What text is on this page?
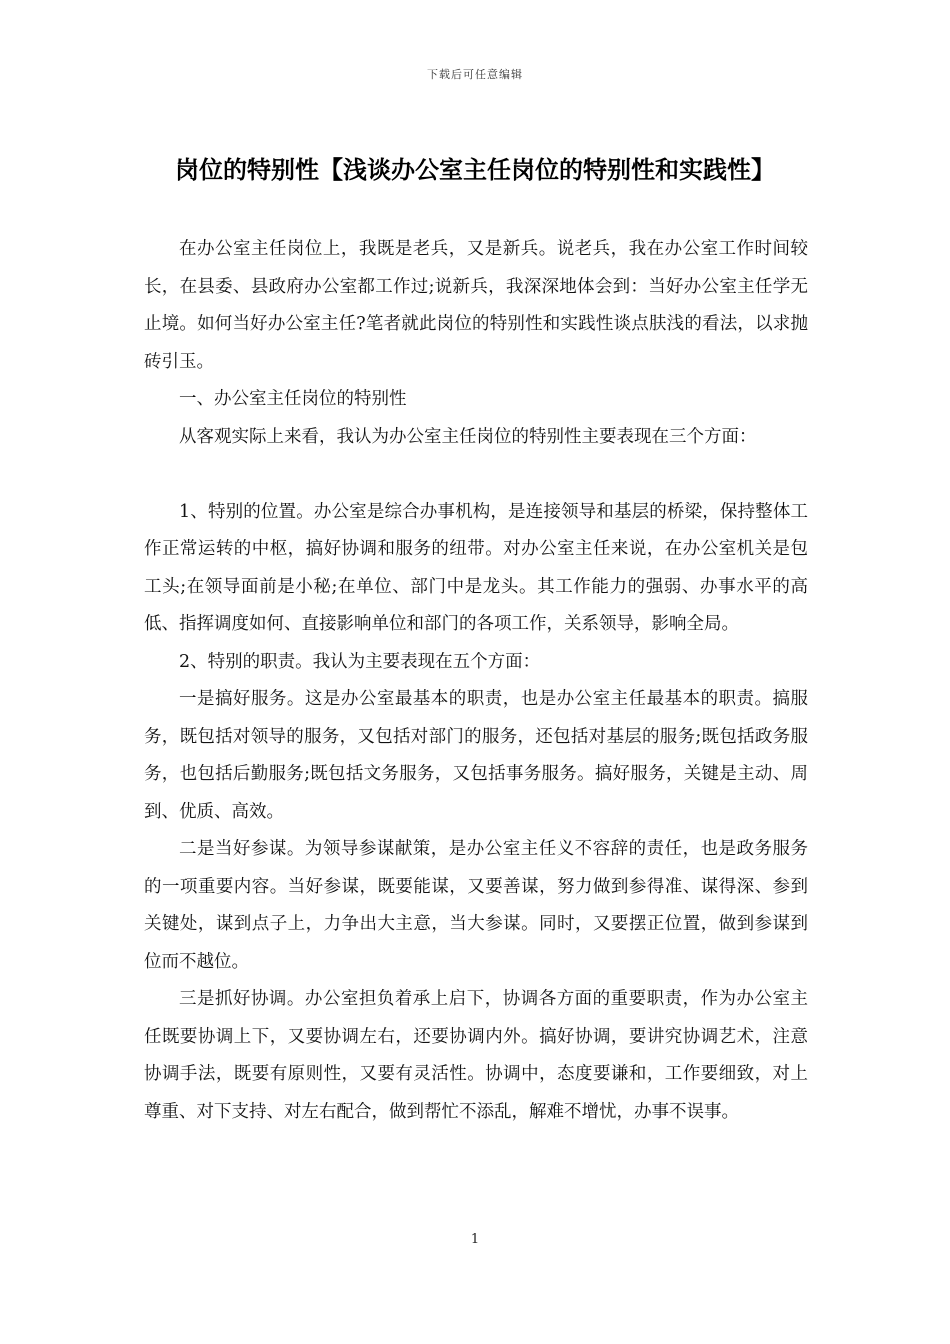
下载后可任意编辑
岗位的特别性【浅谈办公室主任岗位的特别性和实践性】

在办公室主任岗位上，我既是老兵，又是新兵。说老兵，我在办公室工作时间较长，在县委、县政府办公室都工作过;说新兵，我深深地体会到：当好办公室主任学无止境。如何当好办公室主任?笔者就此岗位的特别性和实践性谈点肤浅的看法，以求抛砖引玉。

一、办公室主任岗位的特别性

从客观实际上来看，我认为办公室主任岗位的特别性主要表现在三个方面：

1、特别的位置。办公室是综合办事机构，是连接领导和基层的桥梁，保持整体工作正常运转的中枢，搞好协调和服务的纽带。对办公室主任来说，在办公室机关是包工头;在领导面前是小秘;在单位、部门中是龙头。其工作能力的强弱、办事水平的高低、指挥调度如何、直接影响单位和部门的各项工作，关系领导，影响全局。

2、特别的职责。我认为主要表现在五个方面：

一是搞好服务。这是办公室最基本的职责，也是办公室主任最基本的职责。搞服务，既包括对领导的服务，又包括对部门的服务，还包括对基层的服务;既包括政务服务，也包括后勤服务;既包括文务服务，又包括事务服务。搞好服务，关键是主动、周到、优质、高效。

二是当好参谋。为领导参谋献策，是办公室主任义不容辞的责任，也是政务服务的一项重要内容。当好参谋，既要能谋，又要善谋，努力做到参得准、谋得深、参到关键处，谋到点子上，力争出大主意，当大参谋。同时，又要摆正位置，做到参谋到位而不越位。

三是抓好协调。办公室担负着承上启下，协调各方面的重要职责，作为办公室主任既要协调上下，又要协调左右，还要协调内外。搞好协调，要讲究协调艺术，注意协调手法，既要有原则性，又要有灵活性。协调中，态度要谦和，工作要细致，对上尊重、对下支持、对左右配合，做到帮忙不添乱，解难不增忧，办事不误事。

1
